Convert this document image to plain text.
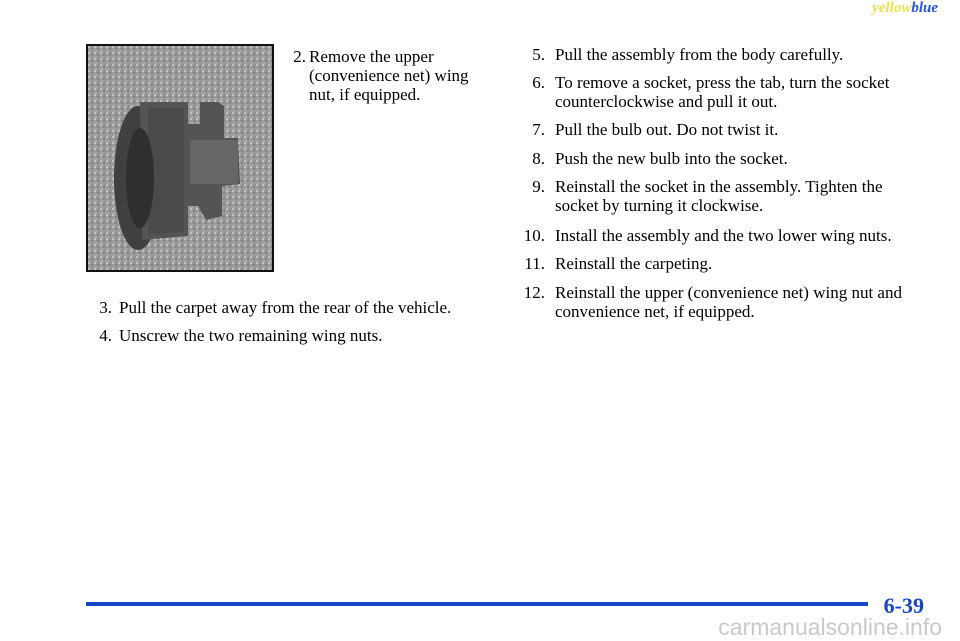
yellowblue
2. Remove the upper
(convenience net) wing
nut, if equipped.
3. Pull the carpet away from the rear of the vehicle.
4. Unscrew the two remaining wing nuts.
5. Pull the assembly from the body carefully.
6. To remove a socket, press the tab, turn the socket
counterclockwise and pull it out.
7. Pull the bulb out. Do not twist it.
8. Push the new bulb into the socket.
9. Reinstall the socket in the assembly. Tighten the
socket by turning it clockwise.
10. Install the assembly and the two lower wing nuts.
11. Reinstall the carpeting.
12. Reinstall the upper (convenience net) wing nut and
convenience net, if equipped.
6-39
carmanualsonline.info
